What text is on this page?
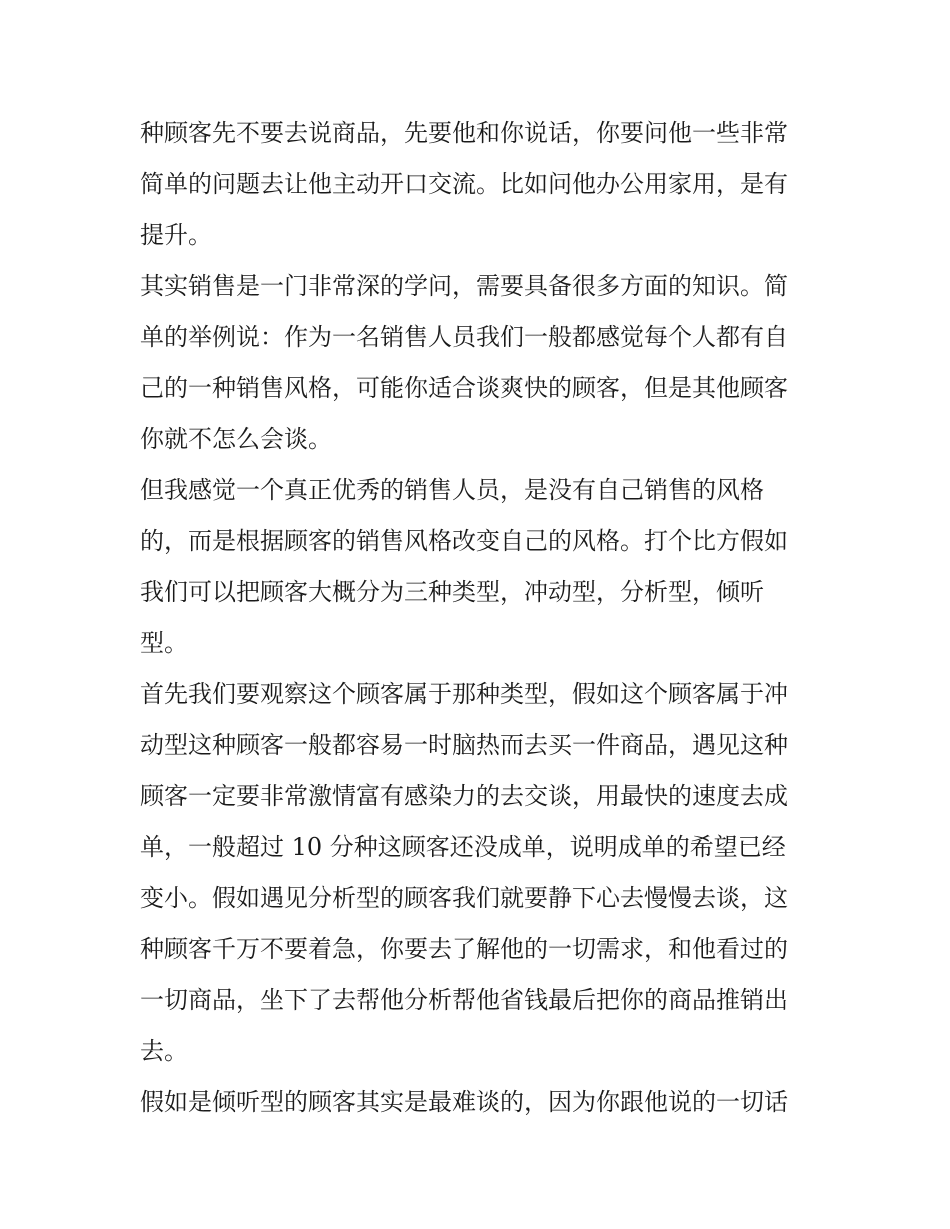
种顾客先不要去说商品，先要他和你说话，你要问他一些非常
简单的问题去让他主动开口交流。比如问他办公用家用，是有
提升。
其实销售是一门非常深的学问，需要具备很多方面的知识。简
单的举例说：作为一名销售人员我们一般都感觉每个人都有自
己的一种销售风格，可能你适合谈爽快的顾客，但是其他顾客
你就不怎么会谈。
但我感觉一个真正优秀的销售人员，是没有自己销售的风格
的，而是根据顾客的销售风格改变自己的风格。打个比方假如
我们可以把顾客大概分为三种类型，冲动型，分析型，倾听
型。
首先我们要观察这个顾客属于那种类型，假如这个顾客属于冲
动型这种顾客一般都容易一时脑热而去买一件商品，遇见这种
顾客一定要非常激情富有感染力的去交谈，用最快的速度去成
单，一般超过 10 分种这顾客还没成单，说明成单的希望已经
变小。假如遇见分析型的顾客我们就要静下心去慢慢去谈，这
种顾客千万不要着急，你要去了解他的一切需求，和他看过的
一切商品，坐下了去帮他分析帮他省钱最后把你的商品推销出
去。
假如是倾听型的顾客其实是最难谈的，因为你跟他说的一切话
